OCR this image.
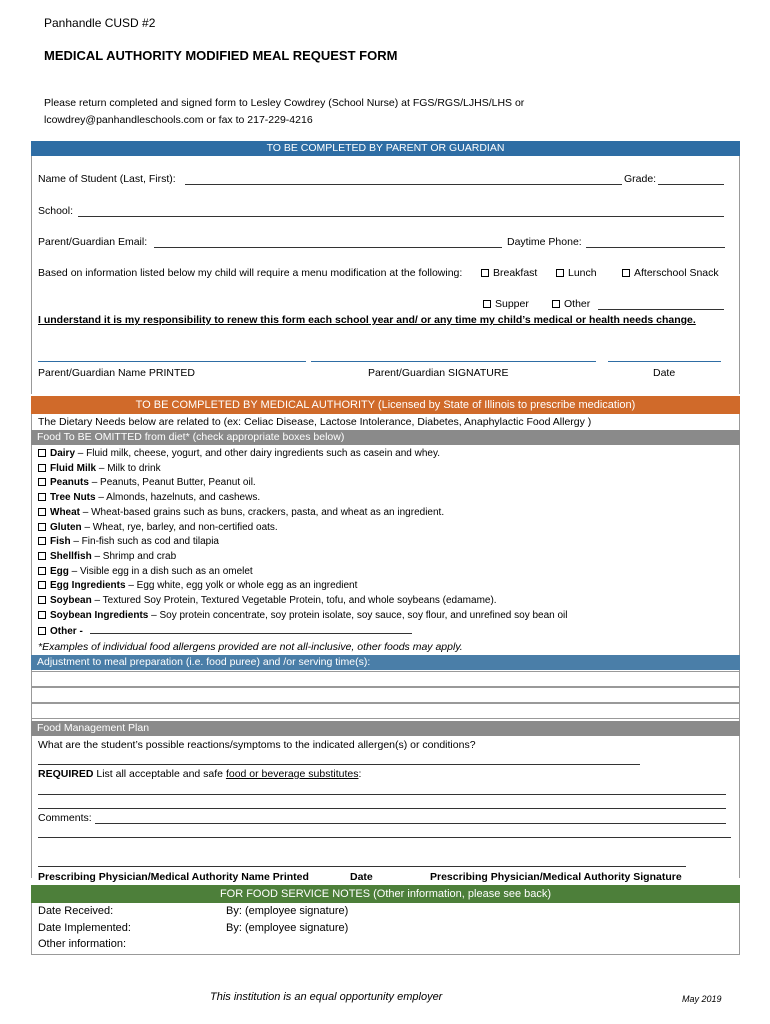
Panhandle CUSD #2
MEDICAL AUTHORITY MODIFIED MEAL REQUEST FORM
Please return completed and signed form to Lesley Cowdrey (School Nurse) at FGS/RGS/LJHS/LHS or
lcowdrey@panhandleschools.com or fax to 217-229-4216
TO BE COMPLETED BY PARENT OR GUARDIAN
Name of Student (Last, First):	Grade:
School:
Parent/Guardian Email:	Daytime Phone:
Based on information listed below my child will require a menu modification at the following:	Breakfast	Lunch	Afterschool Snack
Supper	Other
I understand it is my responsibility to renew this form each school year and/ or any time my child’s medical or health needs change.
Parent/Guardian Name PRINTED	Parent/Guardian SIGNATURE	Date
TO BE COMPLETED BY MEDICAL AUTHORITY (Licensed by State of Illinois to prescribe medication)
The Dietary Needs below are related to (ex: Celiac Disease, Lactose Intolerance, Diabetes, Anaphylactic Food Allergy )
Food To BE OMITTED from diet* (check appropriate boxes below)
Dairy – Fluid milk, cheese, yogurt, and other dairy ingredients such as casein and whey.
Fluid Milk – Milk to drink
Peanuts – Peanuts, Peanut Butter, Peanut oil.
Tree Nuts – Almonds, hazelnuts, and cashews.
Wheat – Wheat-based grains such as buns, crackers, pasta, and wheat as an ingredient.
Gluten – Wheat, rye, barley, and non-certified oats.
Fish – Fin-fish such as cod and tilapia
Shellfish – Shrimp and crab
Egg – Visible egg in a dish such as an omelet
Egg Ingredients – Egg white, egg yolk or whole egg as an ingredient
Soybean – Textured Soy Protein, Textured Vegetable Protein, tofu, and whole soybeans (edamame).
Soybean Ingredients – Soy protein concentrate, soy protein isolate, soy sauce, soy flour, and unrefined soy bean oil
Other -
*Examples of individual food allergens provided are not all-inclusive, other foods may apply.
Adjustment to meal preparation (i.e. food puree) and /or serving time(s):
Food Management Plan
What are the student’s possible reactions/symptoms to the indicated allergen(s) or conditions?
REQUIRED List all acceptable and safe food or beverage substitutes:
Comments:
Prescribing Physician/Medical Authority Name Printed	Date	Prescribing Physician/Medical Authority Signature
FOR FOOD SERVICE NOTES (Other information, please see back)
Date Received:	By: (employee signature)
Date Implemented:	By: (employee signature)
Other information:
This institution is an equal opportunity employer	May 2019
